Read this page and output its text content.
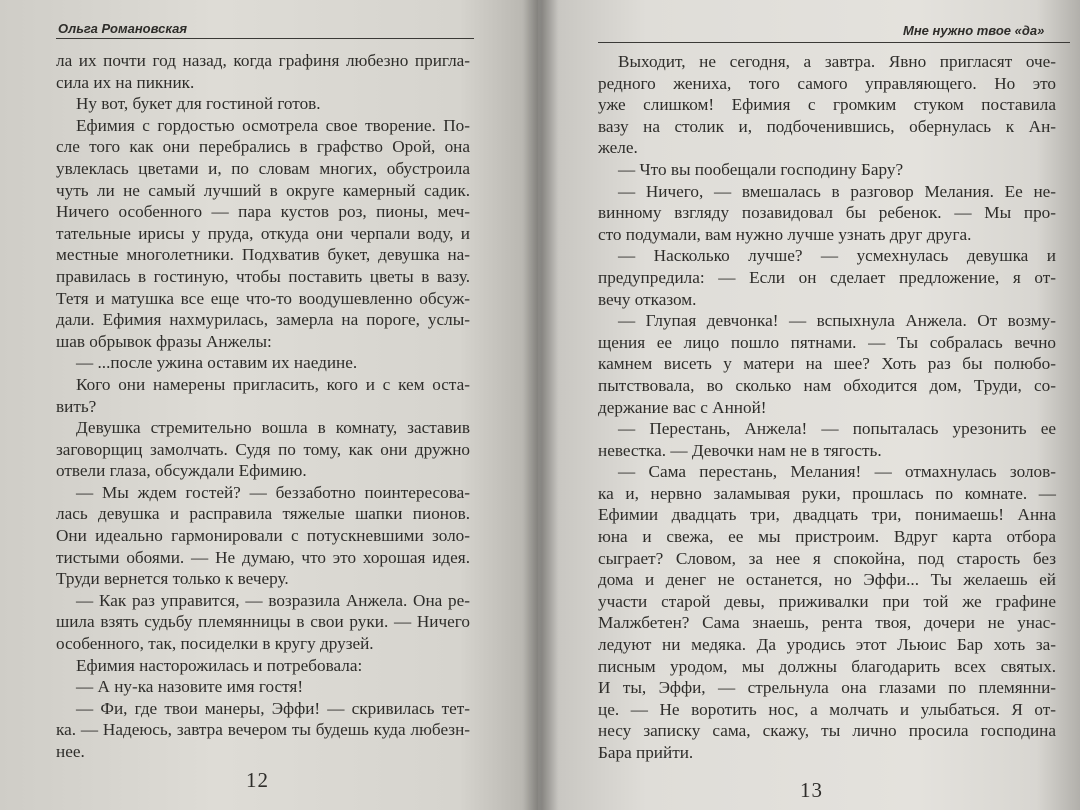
Ольга Романовская
ла их почти год назад, когда графиня любезно пригла-
сила их на пикник.
Ну вот, букет для гостиной готов.
Ефимия с гордостью осмотрела свое творение. По-
сле того как они перебрались в графство Орой, она
увлеклась цветами и, по словам многих, обустроила
чуть ли не самый лучший в округе камерный садик.
Ничего особенного — пара кустов роз, пионы, меч-
тательные ирисы у пруда, откуда они черпали воду, и
местные многолетники. Подхватив букет, девушка на-
правилась в гостиную, чтобы поставить цветы в вазу.
Тетя и матушка все еще что-то воодушевленно обсуж-
дали. Ефимия нахмурилась, замерла на пороге, услы-
шав обрывок фразы Анжелы:
— ...после ужина оставим их наедине.
Кого они намерены пригласить, кого и с кем оста-
вить?
Девушка стремительно вошла в комнату, заставив
заговорщиц замолчать. Судя по тому, как они дружно
отвели глаза, обсуждали Ефимию.
— Мы ждем гостей? — беззаботно поинтересова-
лась девушка и расправила тяжелые шапки пионов.
Они идеально гармонировали с потускневшими золо-
тистыми обоями. — Не думаю, что это хорошая идея.
Труди вернется только к вечеру.
— Как раз управится, — возразила Анжела. Она ре-
шила взять судьбу племянницы в свои руки. — Ничего
особенного, так, посиделки в кругу друзей.
Ефимия насторожилась и потребовала:
— А ну-ка назовите имя гостя!
— Фи, где твои манеры, Эффи! — скривилась тет-
ка. — Надеюсь, завтра вечером ты будешь куда любезн-
нее.
12
Мне нужно твое «да»
Выходит, не сегодня, а завтра. Явно пригласят оче-
редного жениха, того самого управляющего. Но это
уже слишком! Ефимия с громким стуком поставила
вазу на столик и, подбоченившись, обернулась к Ан-
желе.
— Что вы пообещали господину Бару?
— Ничего, — вмешалась в разговор Мелания. Ее не-
винному взгляду позавидовал бы ребенок. — Мы про-
сто подумали, вам нужно лучше узнать друг друга.
— Насколько лучше? — усмехнулась девушка и
предупредила: — Если он сделает предложение, я от-
вечу отказом.
— Глупая девчонка! — вспыхнула Анжела. От возму-
щения ее лицо пошло пятнами. — Ты собралась вечно
камнем висеть у матери на шее? Хоть раз бы полюбо-
пытствовала, во сколько нам обходится дом, Труди, со-
держание вас с Анной!
— Перестань, Анжела! — попыталась урезонить ее
невестка. — Девочки нам не в тягость.
— Сама перестань, Мелания! — отмахнулась золов-
ка и, нервно заламывая руки, прошлась по комнате. —
Ефимии двадцать три, двадцать три, понимаешь! Анна
юна и свежа, ее мы пристроим. Вдруг карта отбора
сыграет? Словом, за нее я спокойна, под старость без
дома и денег не останется, но Эффи... Ты желаешь ей
участи старой девы, приживалки при той же графине
Малжбетен? Сама знаешь, рента твоя, дочери не унас-
ледуют ни медяка. Да уродись этот Льюис Бар хоть за-
писным уродом, мы должны благодарить всех святых.
И ты, Эффи, — стрельнула она глазами по племянни-
це. — Не воротить нос, а молчать и улыбаться. Я от-
несу записку сама, скажу, ты лично просила господина
Бара прийти.
13
